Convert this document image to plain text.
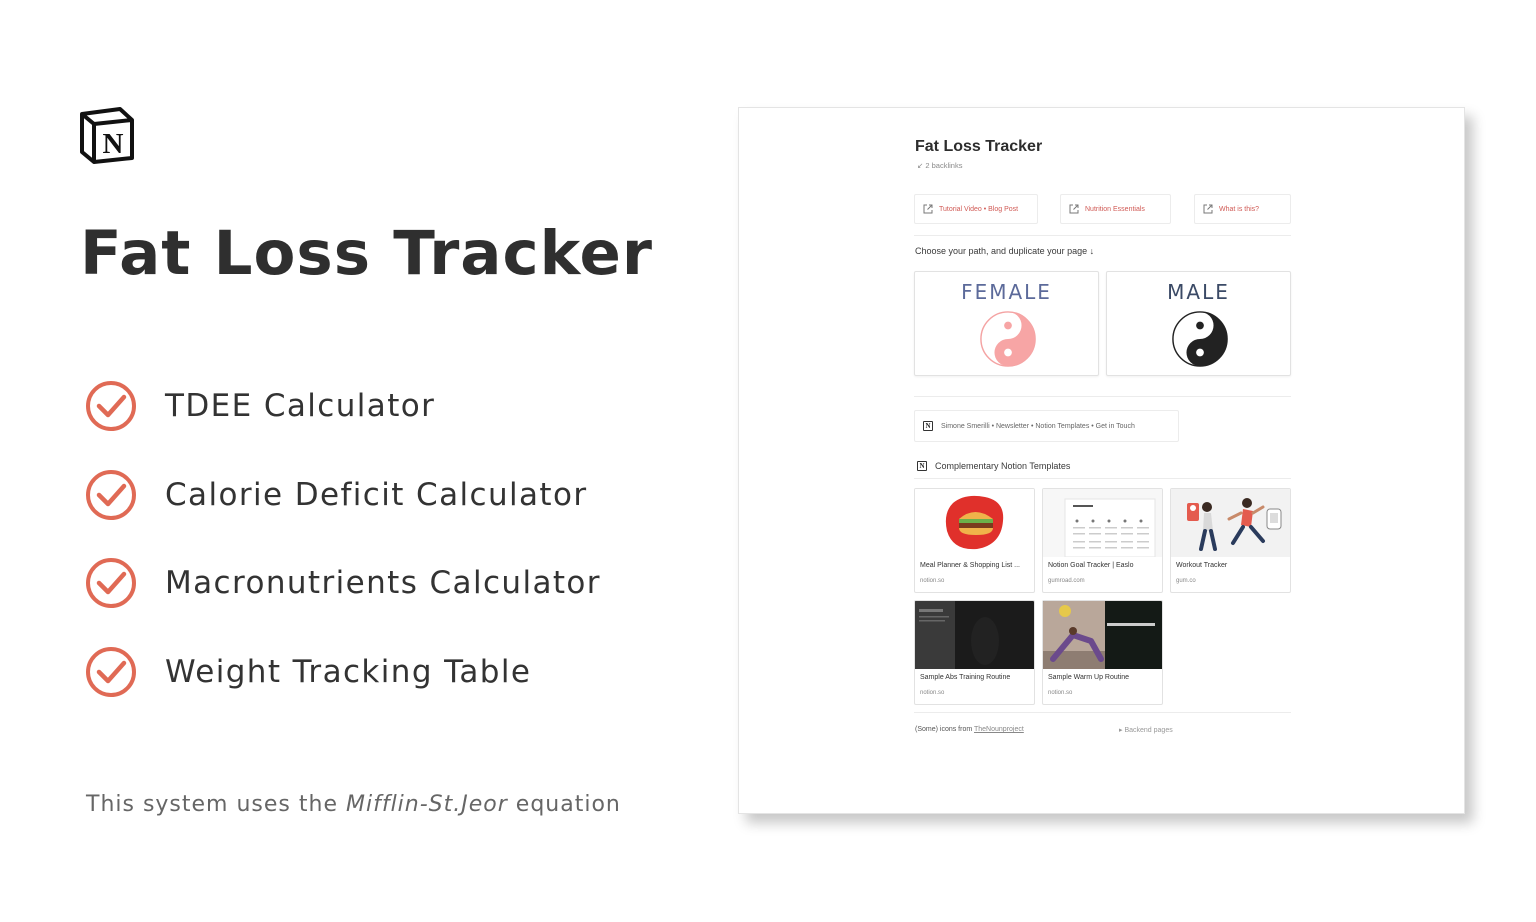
N
Fat Loss Tracker
TDEE Calculator
Calorie Deficit Calculator
Macronutrients Calculator
Weight Tracking Table
This system uses the Mifflin-St.Jeor equation
Fat Loss Tracker
↙ 2 backlinks
Tutorial Video • Blog Post	Nutrition Essentials	What is this?
Choose your path, and duplicate your page ↓
FEMALE	MALE
N	Simone Smerilli • Newsletter • Notion Templates • Get in Touch
N Complementary Notion Templates
Meal Planner & Shopping List ...
notion.so
Notion Goal Tracker | Easlo
gumroad.com
Workout Tracker
gum.co
Sample Abs Training Routine
notion.so
Sample Warm Up Routine
notion.so
(Some) icons from TheNounproject	▸ Backend pages
